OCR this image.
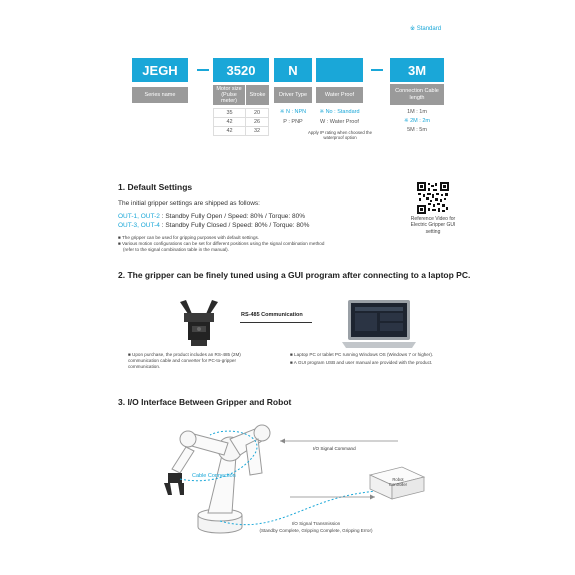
※ Standard
JEGH	3520	N	3M
Series name
Motor size (Pulse meter)
Stroke	Driver Type	Water Proof
Connection Cable length
35	20
42	26
42	32
※ N : NPN
P : PNP
※ No : Standard
W : Water Proof
Apply IP rating when choosed the waterproof option
1M : 1m
※ 2M : 2m
5M : 5m
1. Default Settings
The initial gripper settings are shipped as follows:
OUT-1, OUT-2 : Standby Fully Open / Speed: 80% / Torque: 80%
OUT-3, OUT-4 : Standby Fully Closed / Speed: 80% / Torque: 80%
■ The gripper can be used for gripping purposes with default settings.
■ Various motion configurations can be set for different positions using the signal combination method
(refer to the signal combination table in the manual).
Reference Video for Electric Gripper GUI setting
2. The gripper can be finely tuned using a GUI program after connecting to a laptop PC.
RS-485 Communication
■ Upon purchase, the product includes an RS-485 (2M) communication cable and converter for PC-to-gripper communication.
■ Laptop PC or tablet PC running Windows OS (Windows 7 or higher).
■ A GUI program USB and user manual are provided with the product.
3. I/O Interface Between Gripper and Robot
Cable Connection
I/O Signal Command
Robot Controller
I/O Signal Transmission
(Standby Complete, Gripping Complete, Gripping Error)
